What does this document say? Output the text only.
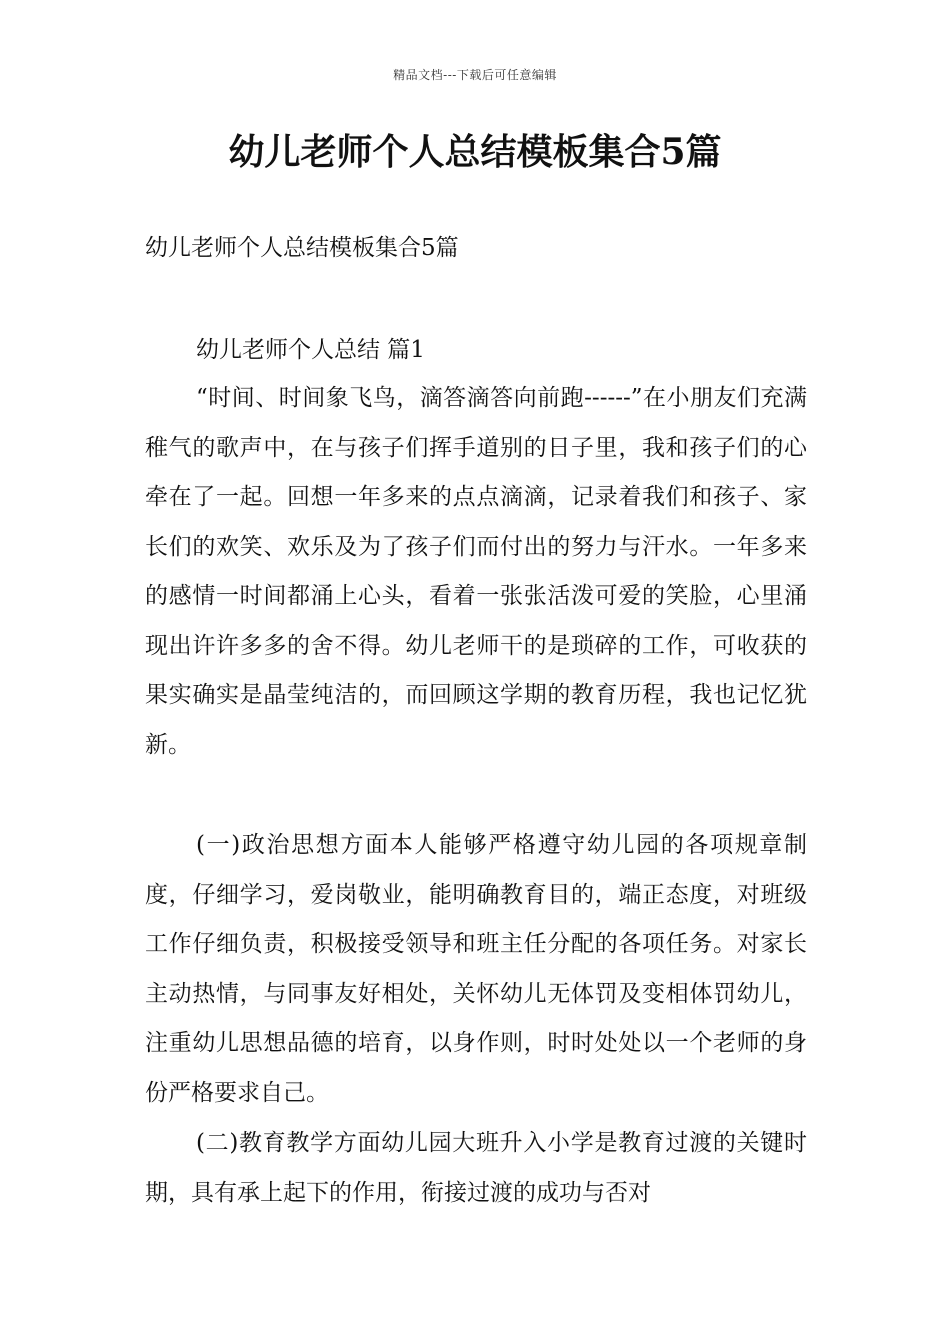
精品文档---下载后可任意编辑
幼儿老师个人总结模板集合5篇

幼儿老师个人总结模板集合5篇

幼儿老师个人总结 篇1

“时间、时间象飞鸟，滴答滴答向前跑------”在小朋友们充满稚气的歌声中，在与孩子们挥手道别的日子里，我和孩子们的心牵在了一起。回想一年多来的点点滴滴，记录着我们和孩子、家长们的欢笑、欢乐及为了孩子们而付出的努力与汗水。一年多来的感情一时间都涌上心头，看着一张张活泼可爱的笑脸，心里涌现出许许多多的舍不得。幼儿老师干的是琐碎的工作，可收获的果实确实是晶莹纯洁的，而回顾这学期的教育历程，我也记忆犹新。

(一)政治思想方面本人能够严格遵守幼儿园的各项规章制度，仔细学习，爱岗敬业，能明确教育目的，端正态度，对班级工作仔细负责，积极接受领导和班主任分配的各项任务。对家长主动热情，与同事友好相处，关怀幼儿无体罚及变相体罚幼儿，注重幼儿思想品德的培育，以身作则，时时处处以一个老师的身份严格要求自己。

(二)教育教学方面幼儿园大班升入小学是教育过渡的关键时期，具有承上起下的作用，衔接过渡的成功与否对
